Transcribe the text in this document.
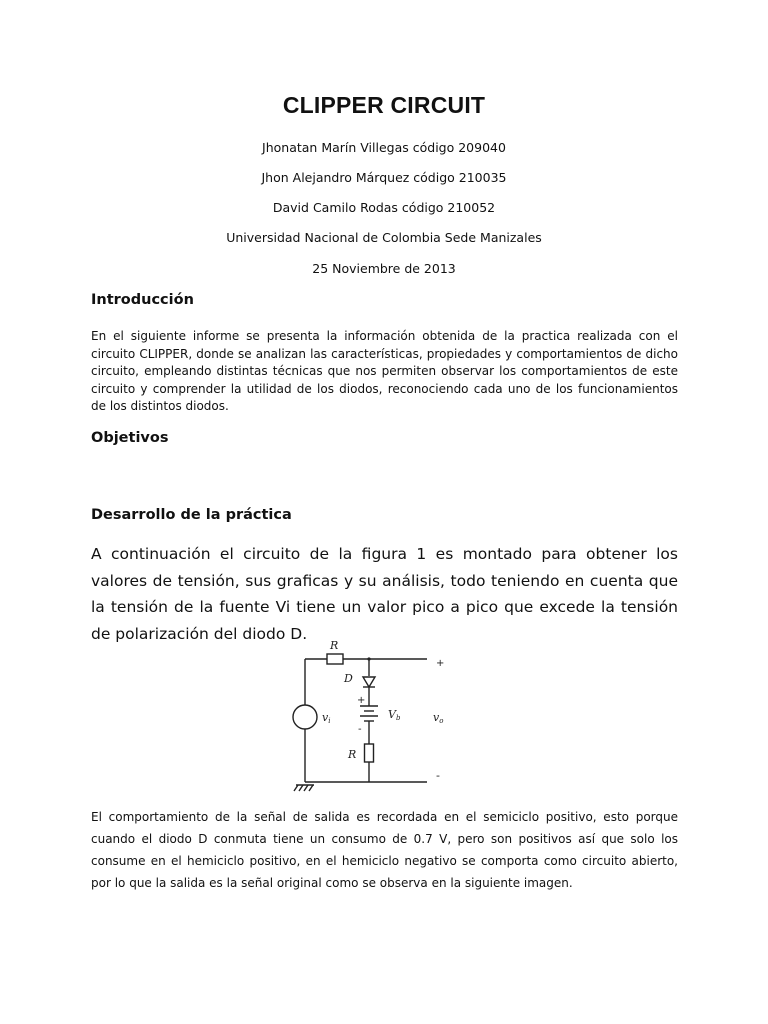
CLIPPER CIRCUIT
Jhonatan Marín Villegas código 209040
Jhon Alejandro Márquez código 210035
David Camilo Rodas código 210052
Universidad Nacional de Colombia Sede Manizales
25 Noviembre de 2013
Introducción

En el siguiente informe se presenta la información obtenida de la practica realizada con el circuito CLIPPER, donde se analizan las características, propiedades y comportamientos de dicho circuito, empleando distintas técnicas que nos permiten observar los comportamientos de este circuito y comprender la utilidad de los diodos, reconociendo cada uno de los funcionamientos de los distintos diodos.

Objetivos
Desarrollo de la práctica

A continuación el circuito de la figura 1 es montado para obtener los valores de tensión, sus graficas y su análisis, todo teniendo en cuenta que la tensión de la fuente Vi tiene un valor pico a pico que excede la tensión de polarización del diodo D.

R
D
vi	Vb	vo
R
+
-
+
-

El comportamiento de la señal de salida es recordada en el semiciclo positivo, esto porque cuando el diodo D conmuta tiene un consumo de 0.7 V, pero son positivos así que solo los consume en el hemiciclo positivo, en el hemiciclo negativo se comporta como circuito abierto, por lo que la salida es la señal original como se observa en la siguiente imagen.
